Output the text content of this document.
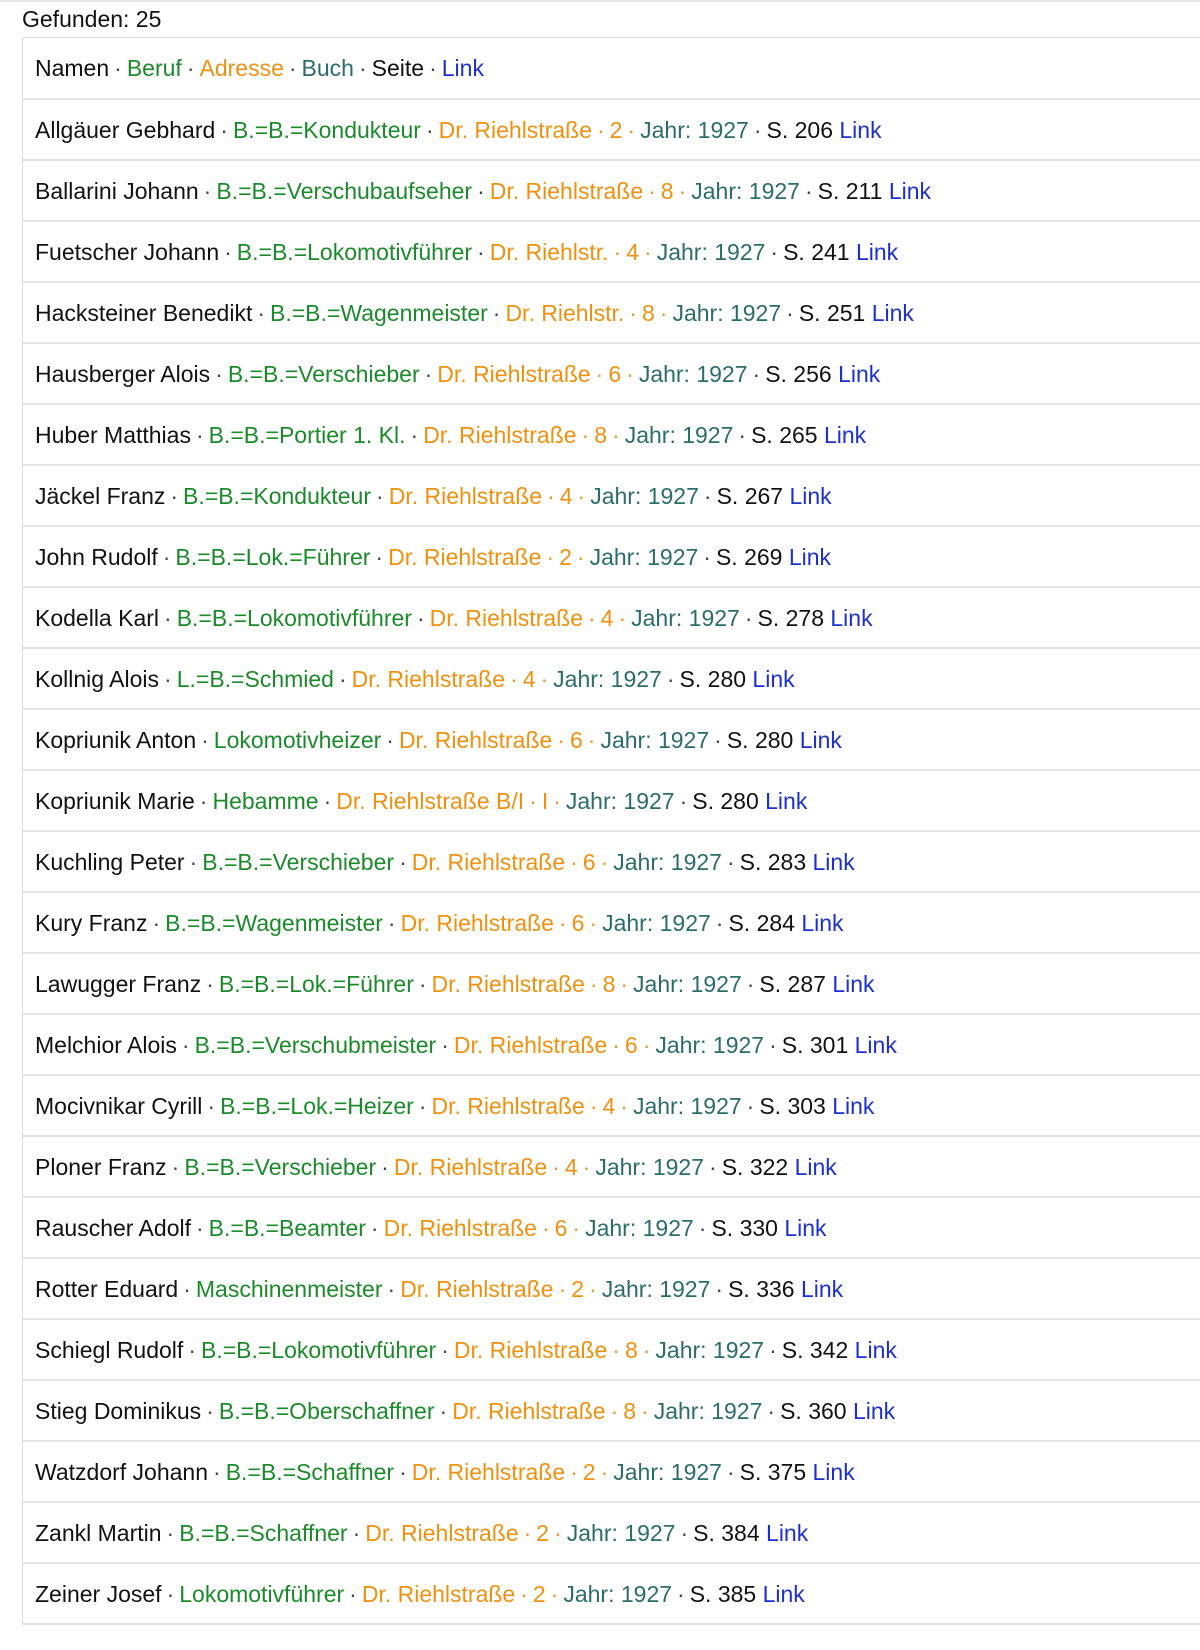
Gefunden: 25
Namen · Beruf · Adresse · Buch · Seite · Link
Allgäuer Gebhard · B.=B.=Kondukteur · Dr. Riehlstraße · 2 · Jahr: 1927 · S. 206 Link
Ballarini Johann · B.=B.=Verschubaufseher · Dr. Riehlstraße · 8 · Jahr: 1927 · S. 211 Link
Fuetscher Johann · B.=B.=Lokomotivführer · Dr. Riehlstr. · 4 · Jahr: 1927 · S. 241 Link
Hacksteiner Benedikt · B.=B.=Wagenmeister · Dr. Riehlstr. · 8 · Jahr: 1927 · S. 251 Link
Hausberger Alois · B.=B.=Verschieber · Dr. Riehlstraße · 6 · Jahr: 1927 · S. 256 Link
Huber Matthias · B.=B.=Portier 1. Kl. · Dr. Riehlstraße · 8 · Jahr: 1927 · S. 265 Link
Jäckel Franz · B.=B.=Kondukteur · Dr. Riehlstraße · 4 · Jahr: 1927 · S. 267 Link
John Rudolf · B.=B.=Lok.=Führer · Dr. Riehlstraße · 2 · Jahr: 1927 · S. 269 Link
Kodella Karl · B.=B.=Lokomotivführer · Dr. Riehlstraße · 4 · Jahr: 1927 · S. 278 Link
Kollnig Alois · L.=B.=Schmied · Dr. Riehlstraße · 4 · Jahr: 1927 · S. 280 Link
Kopriunik Anton · Lokomotivheizer · Dr. Riehlstraße · 6 · Jahr: 1927 · S. 280 Link
Kopriunik Marie · Hebamme · Dr. Riehlstraße B/I · I · Jahr: 1927 · S. 280 Link
Kuchling Peter · B.=B.=Verschieber · Dr. Riehlstraße · 6 · Jahr: 1927 · S. 283 Link
Kury Franz · B.=B.=Wagenmeister · Dr. Riehlstraße · 6 · Jahr: 1927 · S. 284 Link
Lawugger Franz · B.=B.=Lok.=Führer · Dr. Riehlstraße · 8 · Jahr: 1927 · S. 287 Link
Melchior Alois · B.=B.=Verschubmeister · Dr. Riehlstraße · 6 · Jahr: 1927 · S. 301 Link
Mocivnikar Cyrill · B.=B.=Lok.=Heizer · Dr. Riehlstraße · 4 · Jahr: 1927 · S. 303 Link
Ploner Franz · B.=B.=Verschieber · Dr. Riehlstraße · 4 · Jahr: 1927 · S. 322 Link
Rauscher Adolf · B.=B.=Beamter · Dr. Riehlstraße · 6 · Jahr: 1927 · S. 330 Link
Rotter Eduard · Maschinenmeister · Dr. Riehlstraße · 2 · Jahr: 1927 · S. 336 Link
Schiegl Rudolf · B.=B.=Lokomotivführer · Dr. Riehlstraße · 8 · Jahr: 1927 · S. 342 Link
Stieg Dominikus · B.=B.=Oberschaffner · Dr. Riehlstraße · 8 · Jahr: 1927 · S. 360 Link
Watzdorf Johann · B.=B.=Schaffner · Dr. Riehlstraße · 2 · Jahr: 1927 · S. 375 Link
Zankl Martin · B.=B.=Schaffner · Dr. Riehlstraße · 2 · Jahr: 1927 · S. 384 Link
Zeiner Josef · Lokomotivführer · Dr. Riehlstraße · 2 · Jahr: 1927 · S. 385 Link
